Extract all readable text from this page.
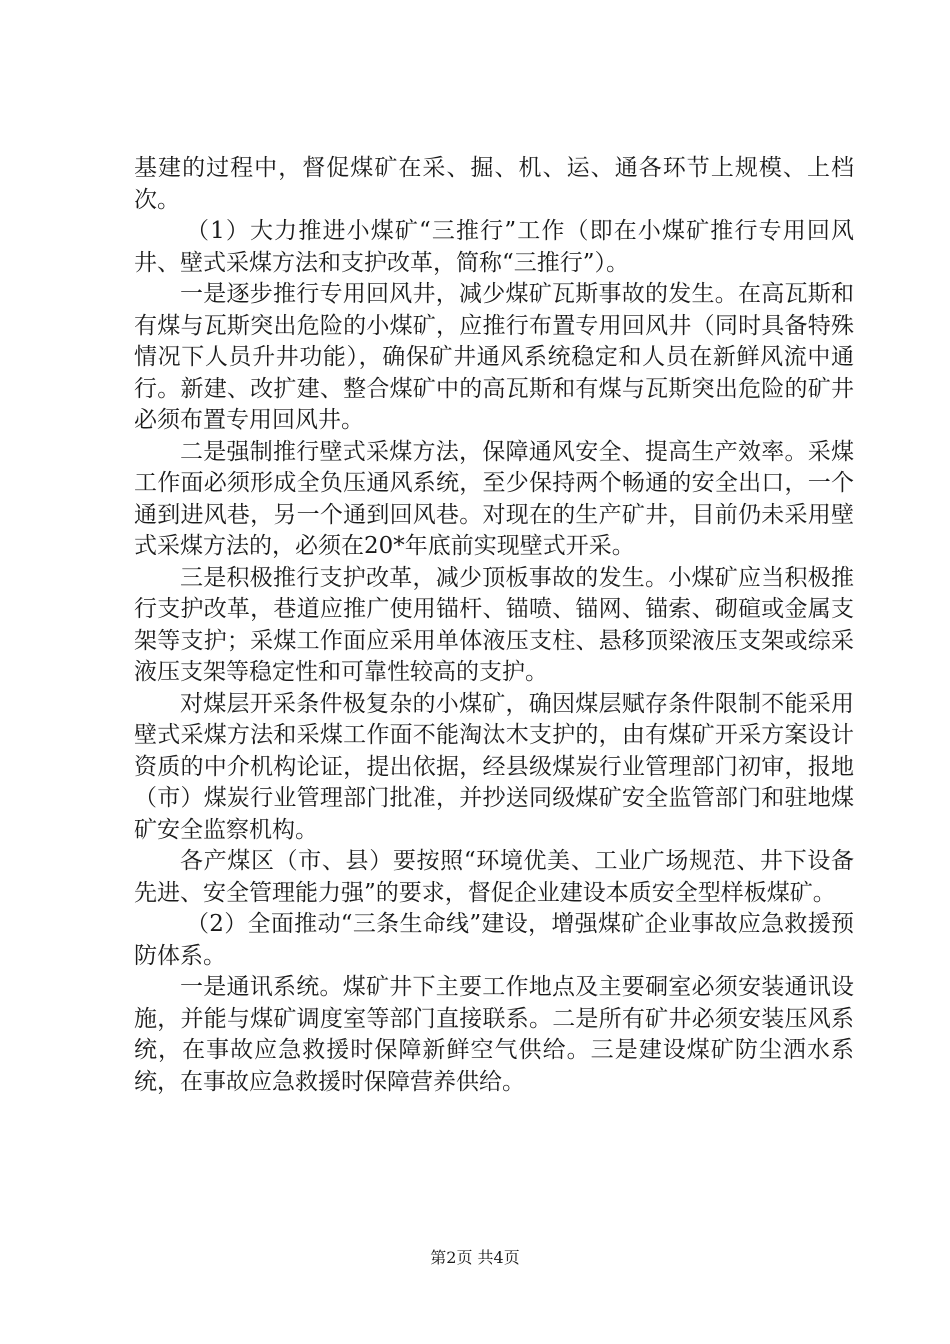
基建的过程中，督促煤矿在采、掘、机、运、通各环节上规模、上档次。

（1）大力推进小煤矿“三推行”工作（即在小煤矿推行专用回风井、壁式采煤方法和支护改革，简称“三推行”）。

一是逐步推行专用回风井，减少煤矿瓦斯事故的发生。在高瓦斯和有煤与瓦斯突出危险的小煤矿，应推行布置专用回风井（同时具备特殊情况下人员升井功能），确保矿井通风系统稳定和人员在新鲜风流中通行。新建、改扩建、整合煤矿中的高瓦斯和有煤与瓦斯突出危险的矿井必须布置专用回风井。

二是强制推行壁式采煤方法，保障通风安全、提高生产效率。采煤工作面必须形成全负压通风系统，至少保持两个畅通的安全出口，一个通到进风巷，另一个通到回风巷。对现在的生产矿井，目前仍未采用壁式采煤方法的，必须在20*年底前实现壁式开采。

三是积极推行支护改革，减少顶板事故的发生。小煤矿应当积极推行支护改革，巷道应推广使用锚杆、锚喷、锚网、锚索、砌碹或金属支架等支护；采煤工作面应采用单体液压支柱、悬移顶梁液压支架或综采液压支架等稳定性和可靠性较高的支护。

对煤层开采条件极复杂的小煤矿，确因煤层赋存条件限制不能采用壁式采煤方法和采煤工作面不能淘汰木支护的，由有煤矿开采方案设计资质的中介机构论证，提出依据，经县级煤炭行业管理部门初审，报地（市）煤炭行业管理部门批准，并抄送同级煤矿安全监管部门和驻地煤矿安全监察机构。

各产煤区（市、县）要按照“环境优美、工业广场规范、井下设备先进、安全管理能力强”的要求，督促企业建设本质安全型样板煤矿。

（2）全面推动“三条生命线”建设，增强煤矿企业事故应急救援预防体系。

一是通讯系统。煤矿井下主要工作地点及主要硐室必须安装通讯设施，并能与煤矿调度室等部门直接联系。二是所有矿井必须安装压风系统，在事故应急救援时保障新鲜空气供给。三是建设煤矿防尘洒水系统，在事故应急救援时保障营养供给。

第2页 共4页
